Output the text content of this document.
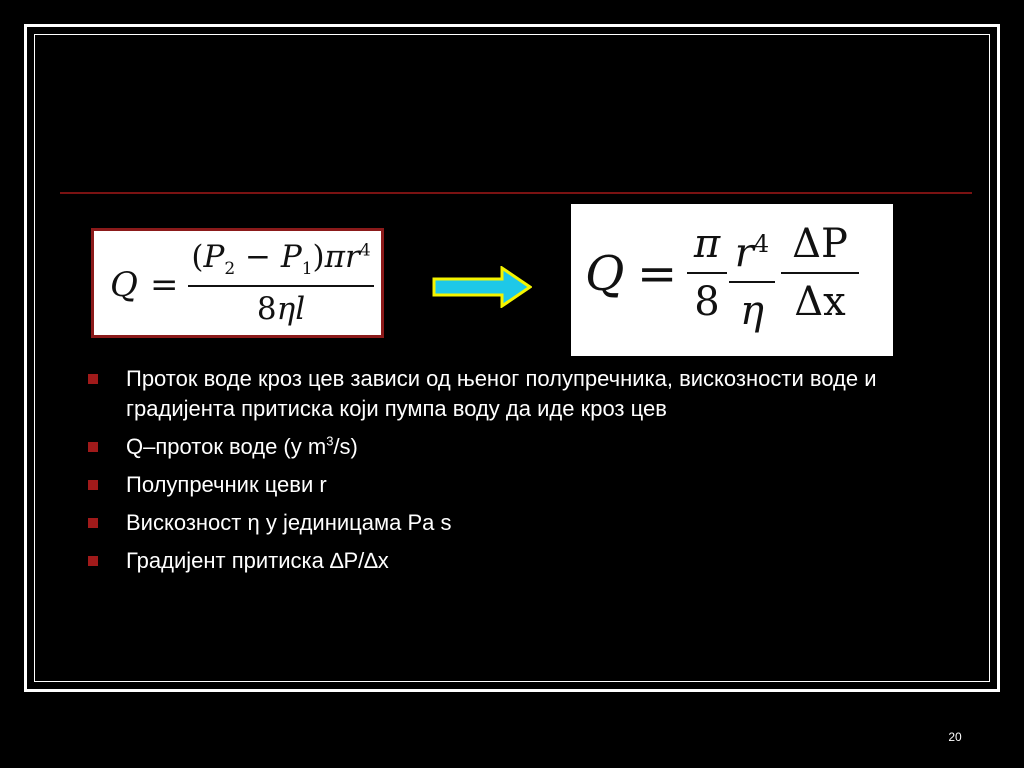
Q =
$(P_2 - P_1)\pi r^4$
8ηl
Q =
π
8
$r^4$
η
ΔP
Δx
Проток воде кроз цев зависи од њеног полупречника, вискозности воде и градијента притиска који пумпа воду да иде кроз цев
Q–проток воде (у $m^3/s$)
Полупречник цеви r
Вискозност η у јединицама Pa s
Градијент притиска ∆P/∆x
20
